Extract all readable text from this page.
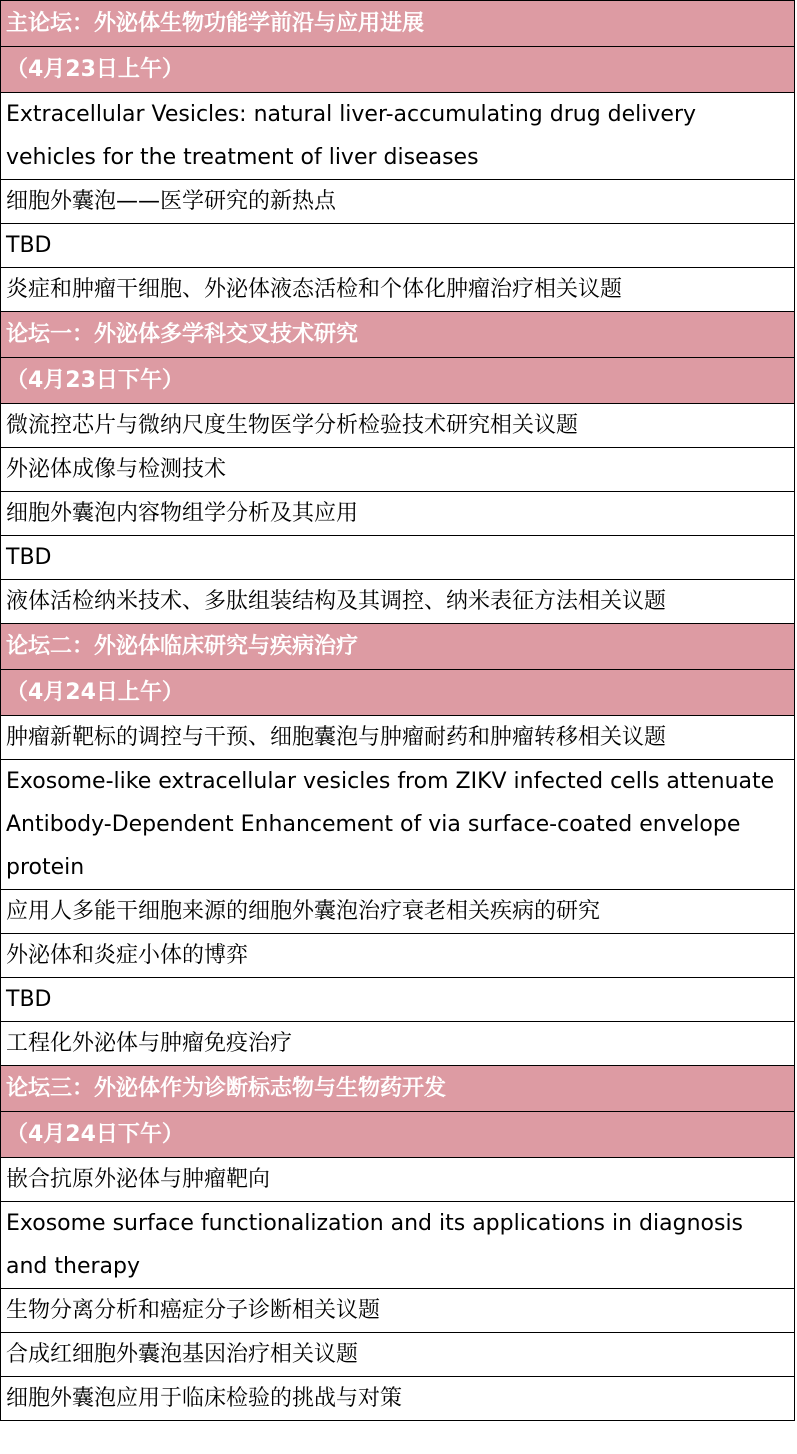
主论坛：外泌体生物功能学前沿与应用进展
（4月23日上午）
Extracellular Vesicles: natural liver-accumulating drug delivery vehicles for the treatment of liver diseases
细胞外囊泡——医学研究的新热点
TBD
炎症和肿瘤干细胞、外泌体液态活检和个体化肿瘤治疗相关议题
论坛一：外泌体多学科交叉技术研究
（4月23日下午）
微流控芯片与微纳尺度生物医学分析检验技术研究相关议题
外泌体成像与检测技术
细胞外囊泡内容物组学分析及其应用
TBD
液体活检纳米技术、多肽组装结构及其调控、纳米表征方法相关议题
论坛二：外泌体临床研究与疾病治疗
（4月24日上午）
肿瘤新靶标的调控与干预、细胞囊泡与肿瘤耐药和肿瘤转移相关议题
Exosome-like extracellular vesicles from ZIKV infected cells attenuate Antibody-Dependent Enhancement of via surface-coated envelope protein
应用人多能干细胞来源的细胞外囊泡治疗衰老相关疾病的研究
外泌体和炎症小体的博弈
TBD
工程化外泌体与肿瘤免疫治疗
论坛三：外泌体作为诊断标志物与生物药开发
（4月24日下午）
嵌合抗原外泌体与肿瘤靶向
Exosome surface functionalization and its applications in diagnosis and therapy
生物分离分析和癌症分子诊断相关议题
合成红细胞外囊泡基因治疗相关议题
细胞外囊泡应用于临床检验的挑战与对策
